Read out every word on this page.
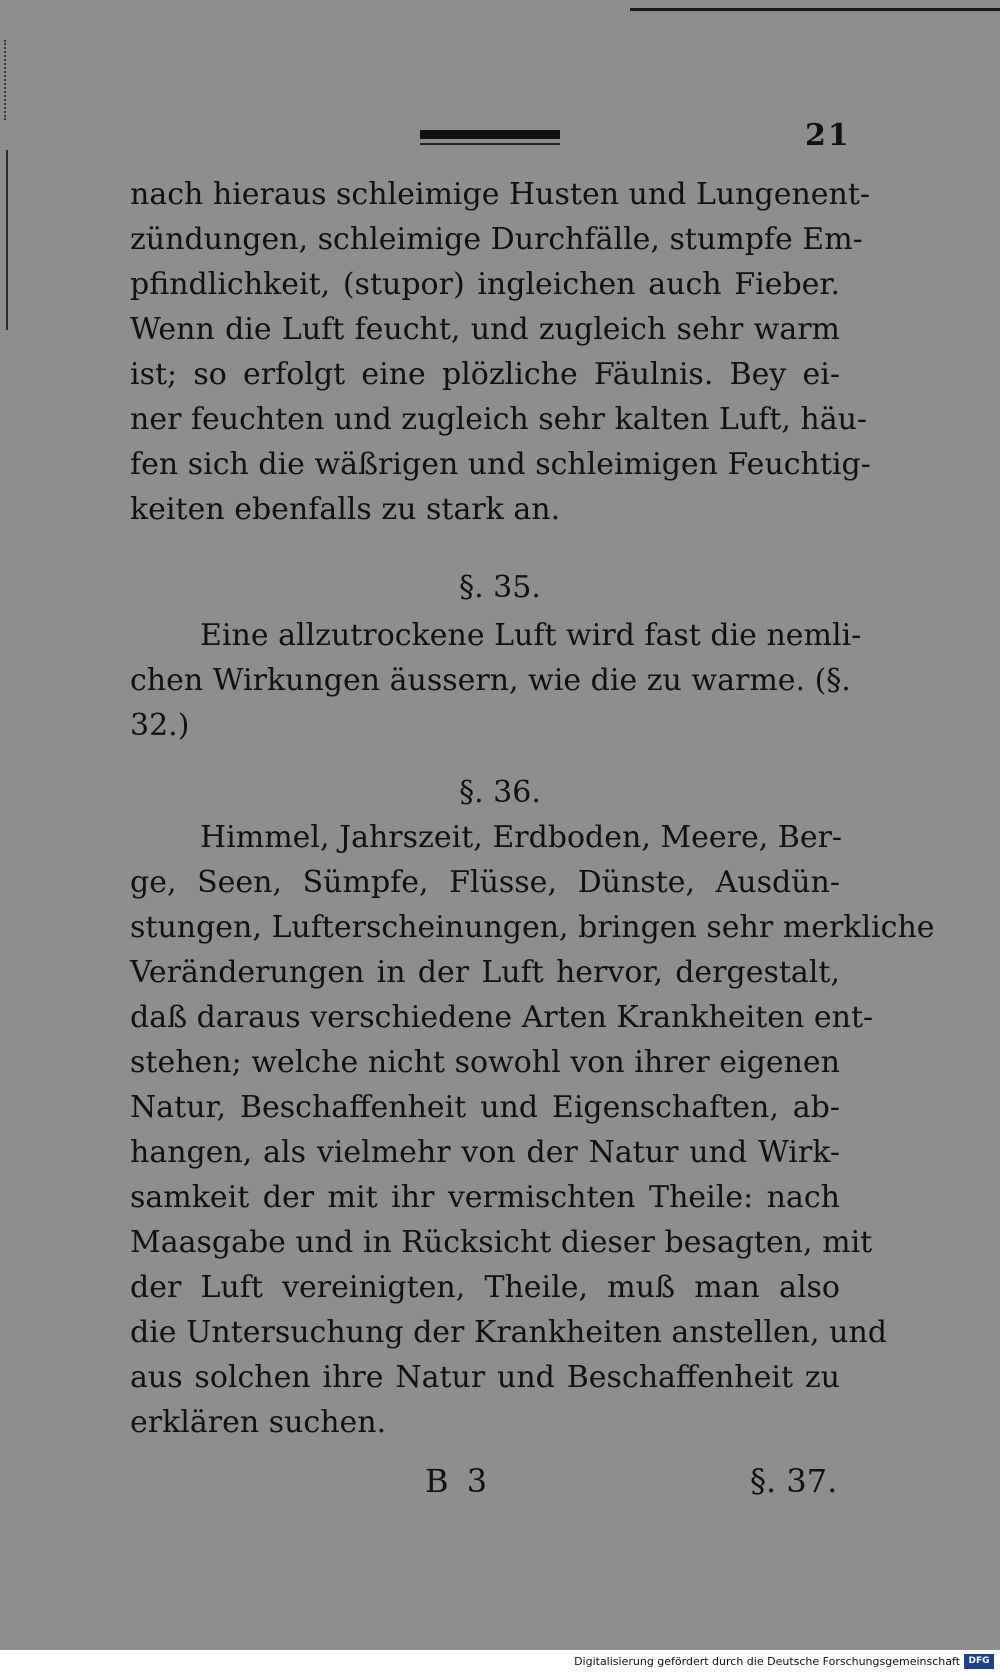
21
nach hieraus schleimige Husten und Lungenent-
zündungen, schleimige Durchfälle, stumpfe Em-
pfindlichkeit, (stupor) ingleichen auch Fieber.
Wenn die Luft feucht, und zugleich sehr warm
ist; so erfolgt eine plözliche Fäulnis. Bey ei-
ner feuchten und zugleich sehr kalten Luft, häu-
fen sich die wäßrigen und schleimigen Feuchtig-
keiten ebenfalls zu stark an.
§. 35.
Eine allzutrockene Luft wird fast die nemli-
chen Wirkungen äussern, wie die zu warme. (§.
32.)
§. 36.
Himmel, Jahrszeit, Erdboden, Meere, Ber-
ge, Seen, Sümpfe, Flüsse, Dünste, Ausdün-
stungen, Lufterscheinungen, bringen sehr merkliche
Veränderungen in der Luft hervor, dergestalt,
daß daraus verschiedene Arten Krankheiten ent-
stehen; welche nicht sowohl von ihrer eigenen
Natur, Beschaffenheit und Eigenschaften, ab-
hangen, als vielmehr von der Natur und Wirk-
samkeit der mit ihr vermischten Theile: nach
Maasgabe und in Rücksicht dieser besagten, mit
der Luft vereinigten, Theile, muß man also
die Untersuchung der Krankheiten anstellen, und
aus solchen ihre Natur und Beschaffenheit zu
erklären suchen.
B 3	§. 37.
Digitalisierung gefördert durch die Deutsche Forschungsgemeinschaft DFG
